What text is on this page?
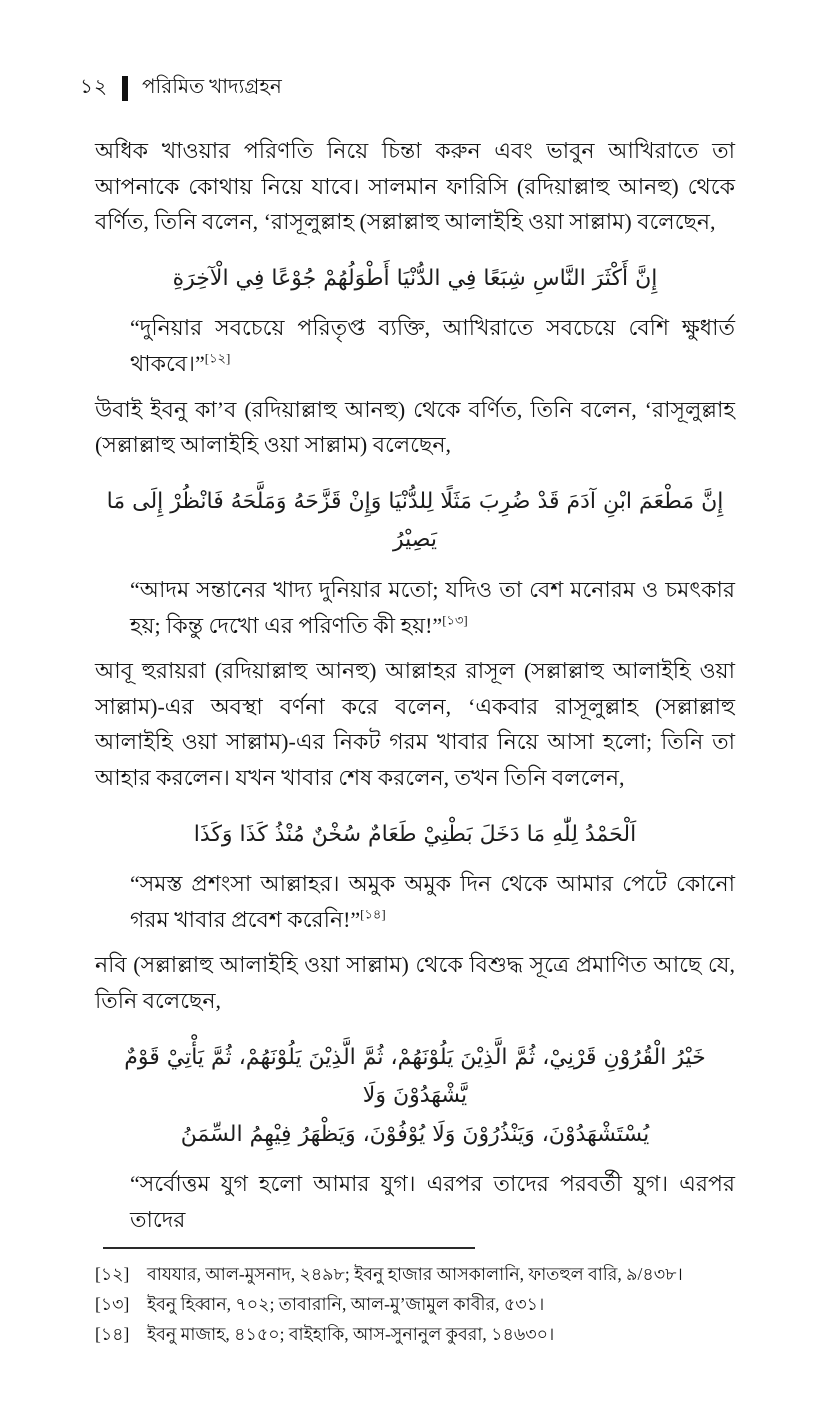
১২ পরিমিত খাদ্যগ্রহন

অধিক খাওয়ার পরিণতি নিয়ে চিন্তা করুন এবং ভাবুন আখিরাতে তা আপনাকে কোথায় নিয়ে যাবে। সালমান ফারিসি (রদিয়াল্লাহু আনহু) থেকে বর্ণিত, তিনি বলেন, ‘রাসূলুল্লাহ (সল্লাল্লাহু আলাইহি ওয়া সাল্লাম) বলেছেন,

إِنَّ أَكْثَرَ النَّاسِ شِبَعًا فِي الدُّنْيَا أَطْوَلُهُمْ جُوْعًا فِي الْآخِرَةِ

“দুনিয়ার সবচেয়ে পরিতৃপ্ত ব্যক্তি, আখিরাতে সবচেয়ে বেশি ক্ষুধার্ত থাকবে।”[১২]

উবাই ইবনু কা’ব (রদিয়াল্লাহু আনহু) থেকে বর্ণিত, তিনি বলেন, ‘রাসূলুল্লাহ (সল্লাল্লাহু আলাইহি ওয়া সাল্লাম) বলেছেন,

إِنَّ مَطْعَمَ ابْنِ آدَمَ قَدْ ضُرِبَ مَثَلًا لِلدُّنْيَا وَإِنْ قَزَّحَهُ وَمَلَّحَهُ فَانْظُرْ إِلَى مَا يَصِيْرُ

“আদম সন্তানের খাদ্য দুনিয়ার মতো; যদিও তা বেশ মনোরম ও চমৎকার হয়; কিন্তু দেখো এর পরিণতি কী হয়!”[১৩]

আবূ হুরায়রা (রদিয়াল্লাহু আনহু) আল্লাহর রাসূল (সল্লাল্লাহু আলাইহি ওয়া সাল্লাম)-এর অবস্থা বর্ণনা করে বলেন, ‘একবার রাসূলুল্লাহ (সল্লাল্লাহু আলাইহি ওয়া সাল্লাম)-এর নিকট গরম খাবার নিয়ে আসা হলো; তিনি তা আহার করলেন। যখন খাবার শেষ করলেন, তখন তিনি বললেন,

اَلْحَمْدُ لِلّٰهِ مَا دَخَلَ بَطْنِيْ طَعَامٌ سُخْنٌ مُنْذُ كَذَا وَكَذَا

“সমস্ত প্রশংসা আল্লাহর। অমুক অমুক দিন থেকে আমার পেটে কোনো গরম খাবার প্রবেশ করেনি!”[১৪]

নবি (সল্লাল্লাহু আলাইহি ওয়া সাল্লাম) থেকে বিশুদ্ধ সূত্রে প্রমাণিত আছে যে, তিনি বলেছেন,

خَيْرُ الْقُرُوْنِ قَرْنِيْ، ثُمَّ الَّذِيْنَ يَلُوْنَهُمْ، ثُمَّ الَّذِيْنَ يَلُوْنَهُمْ، ثُمَّ يَأْتِيْ قَوْمٌ يَّشْهَدُوْنَ وَلَا
يُسْتَشْهَدُوْنَ، وَيَنْذُرُوْنَ وَلَا يُوْفُوْنَ، وَيَظْهَرُ فِيْهِمُ السِّمَنُ

“সর্বোত্তম যুগ হলো আমার যুগ। এরপর তাদের পরবর্তী যুগ। এরপর তাদের

[১২]	বাযযার, আল-মুসনাদ, ২৪৯৮; ইবনু হাজার আসকালানি, ফাতহুল বারি, ৯/৪৩৮।
[১৩]	ইবনু হিব্বান, ৭০২; তাবারানি, আল-মু’জামুল কাবীর, ৫৩১।
[১৪]	ইবনু মাজাহ, ৪১৫০; বাইহাকি, আস-সুনানুল কুবরা, ১৪৬৩০।
